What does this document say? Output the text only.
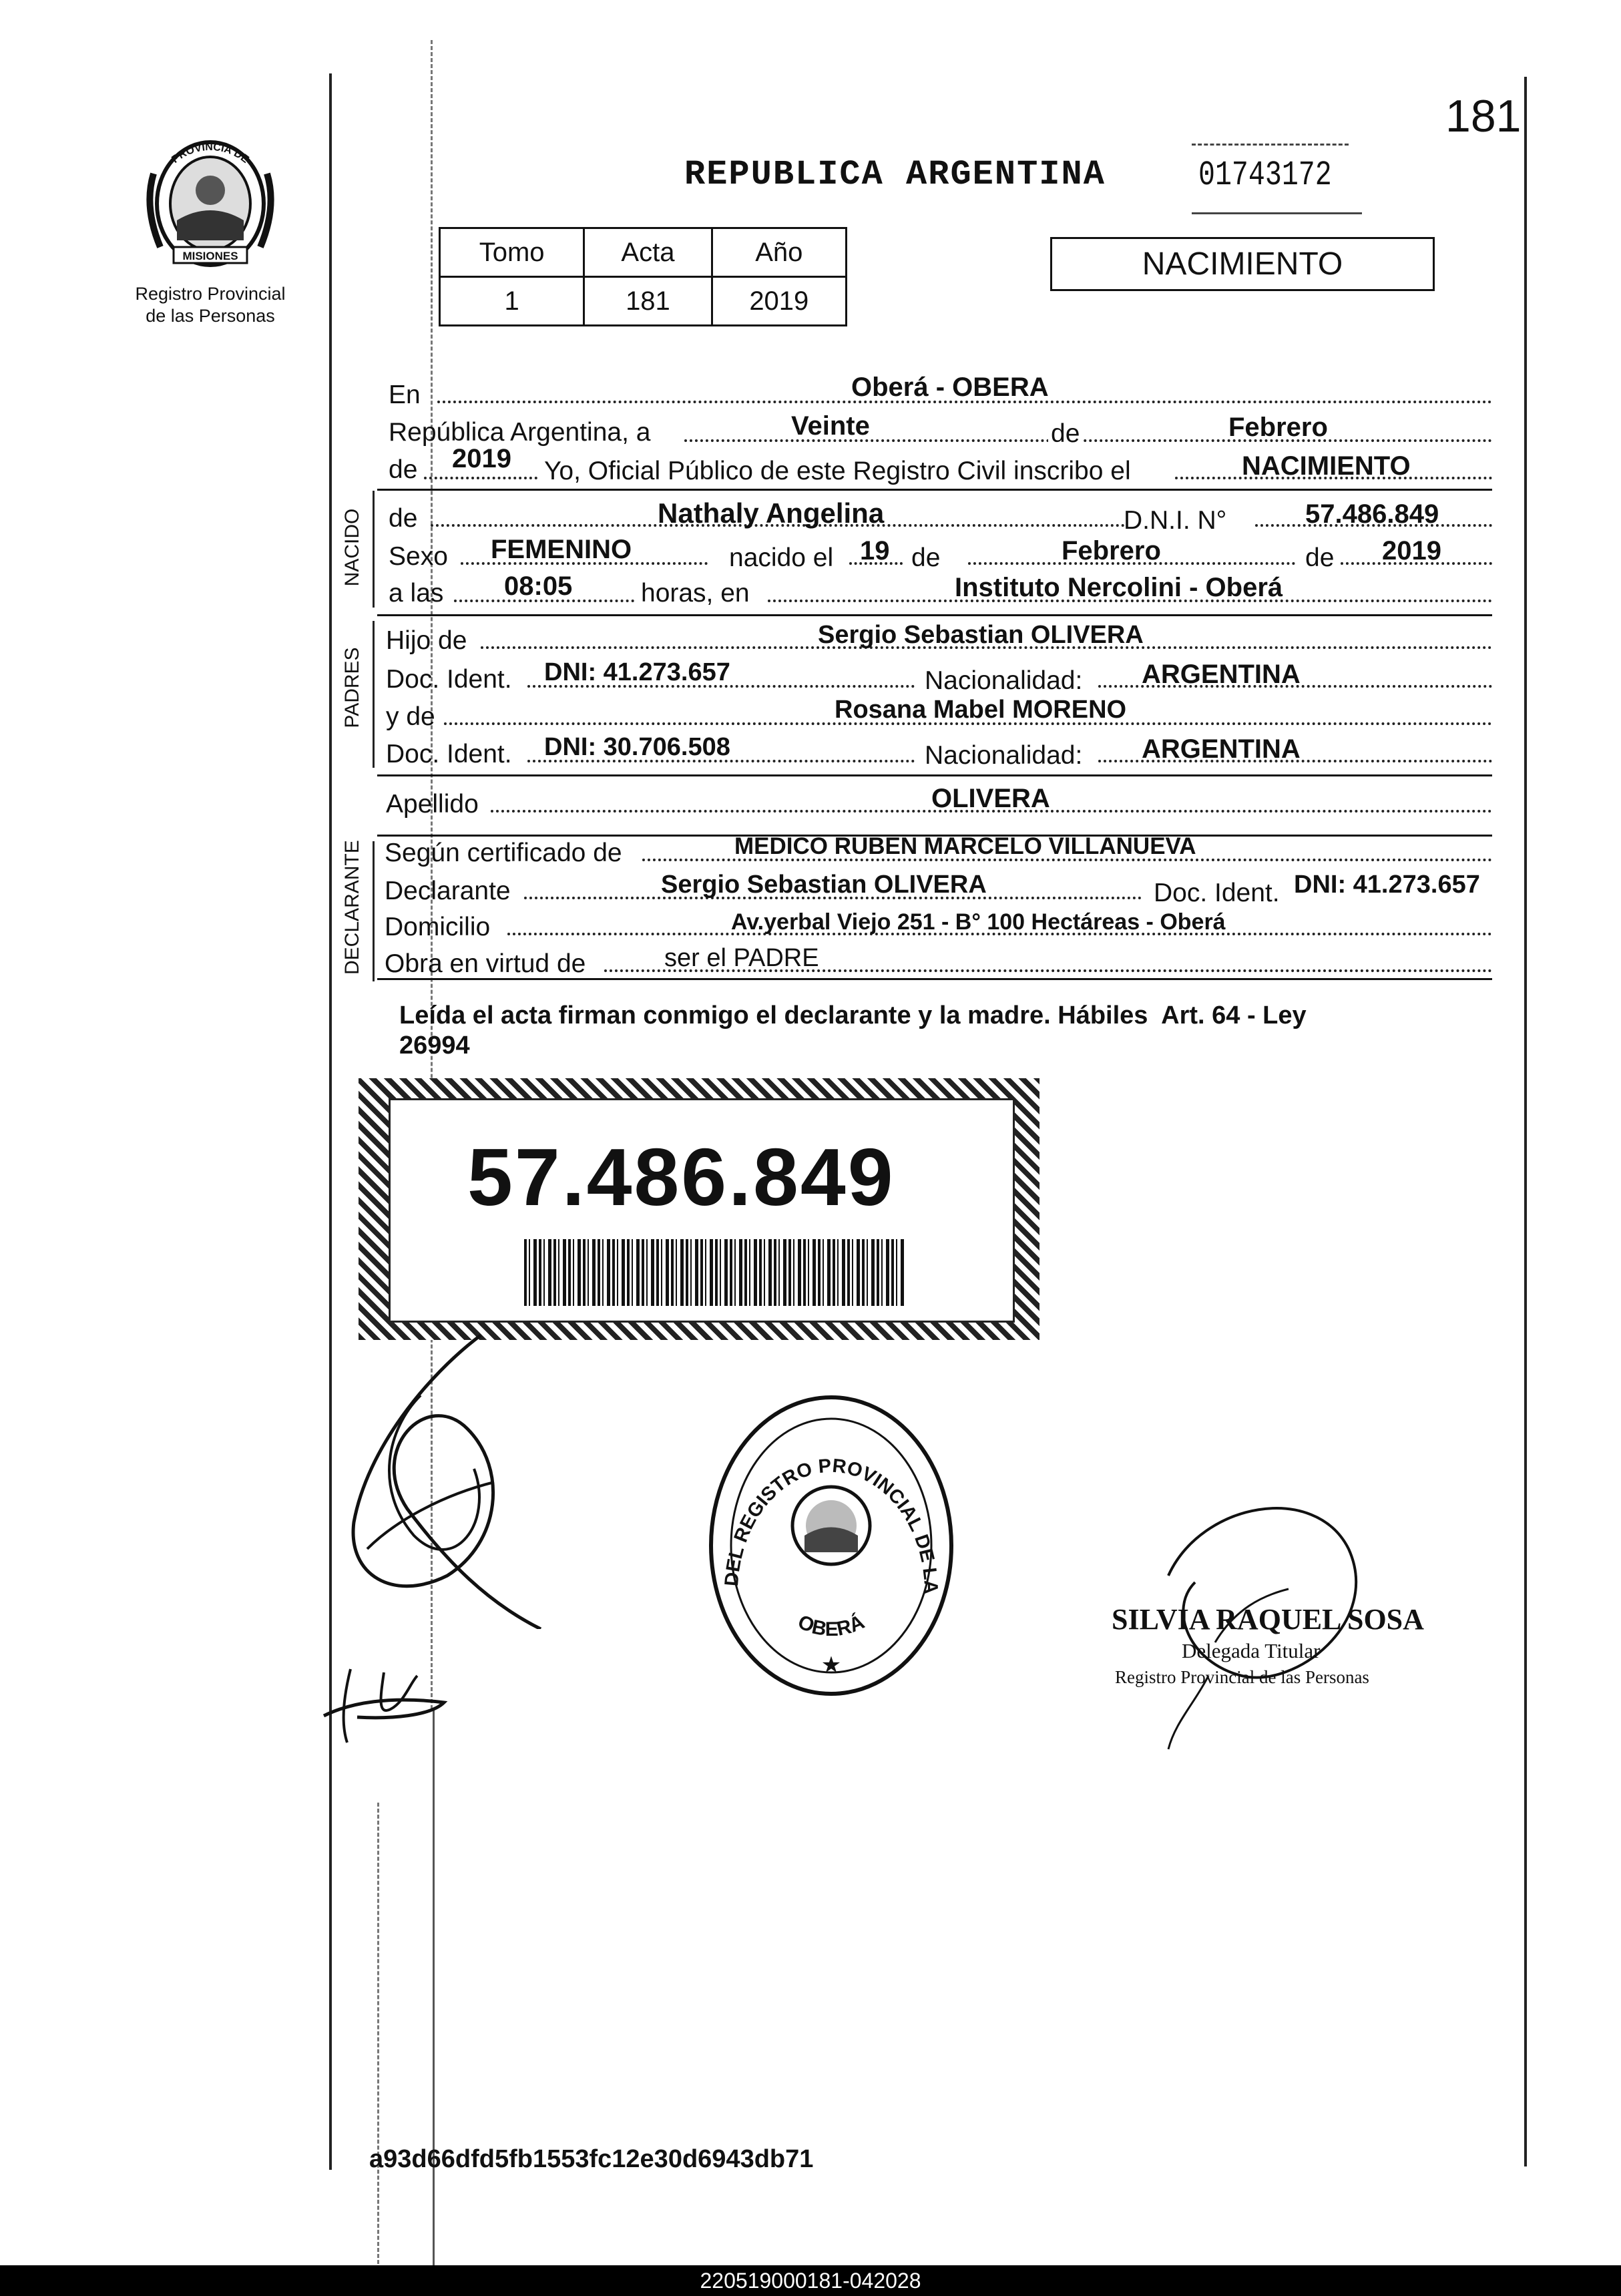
181
PROVINCIA DE
MISIONES
Registro Provincial
de las Personas
REPUBLICA ARGENTINA	01743172
Tomo	Acta	Año
1	181	2019
NACIMIENTO
NACIDO
PADRES
DECLARANTE
En	Oberá - OBERA
República Argentina, a	Veinte	de	Febrero
de 2019 Yo, Oficial Público de este Registro Civil inscribo el	NACIMIENTO
de	Nathaly Angelina	D.N.I. N°	57.486.849
Sexo FEMENINO	nacido el 19 de	Febrero	de 2019
a las 08:05	horas, en	Instituto Nercolini - Oberá
Hijo de	Sergio Sebastian OLIVERA
Doc. Ident. DNI: 41.273.657	Nacionalidad: ARGENTINA
y de	Rosana Mabel MORENO
Doc. Ident. DNI: 30.706.508	Nacionalidad: ARGENTINA
Apellido	OLIVERA
Según certificado de	MEDICO RUBEN MARCELO VILLANUEVA
Declarante	Sergio Sebastian OLIVERA	Doc. Ident. DNI: 41.273.657
Domicilio	Av.yerbal Viejo 251 - B° 100 Hectáreas - Oberá
Obra en virtud de	ser el PADRE
Leída el acta firman conmigo el declarante y la madre. Hábiles  Art. 64 - Ley
26994
57.486.849
DEL REGISTRO PROVINCIAL DE LA
OBERÁ
★
SILVIA RAQUEL SOSA
Delegada Titular
Registro Provincial de las Personas
a93d66dfd5fb1553fc12e30d6943db71
220519000181-042028
